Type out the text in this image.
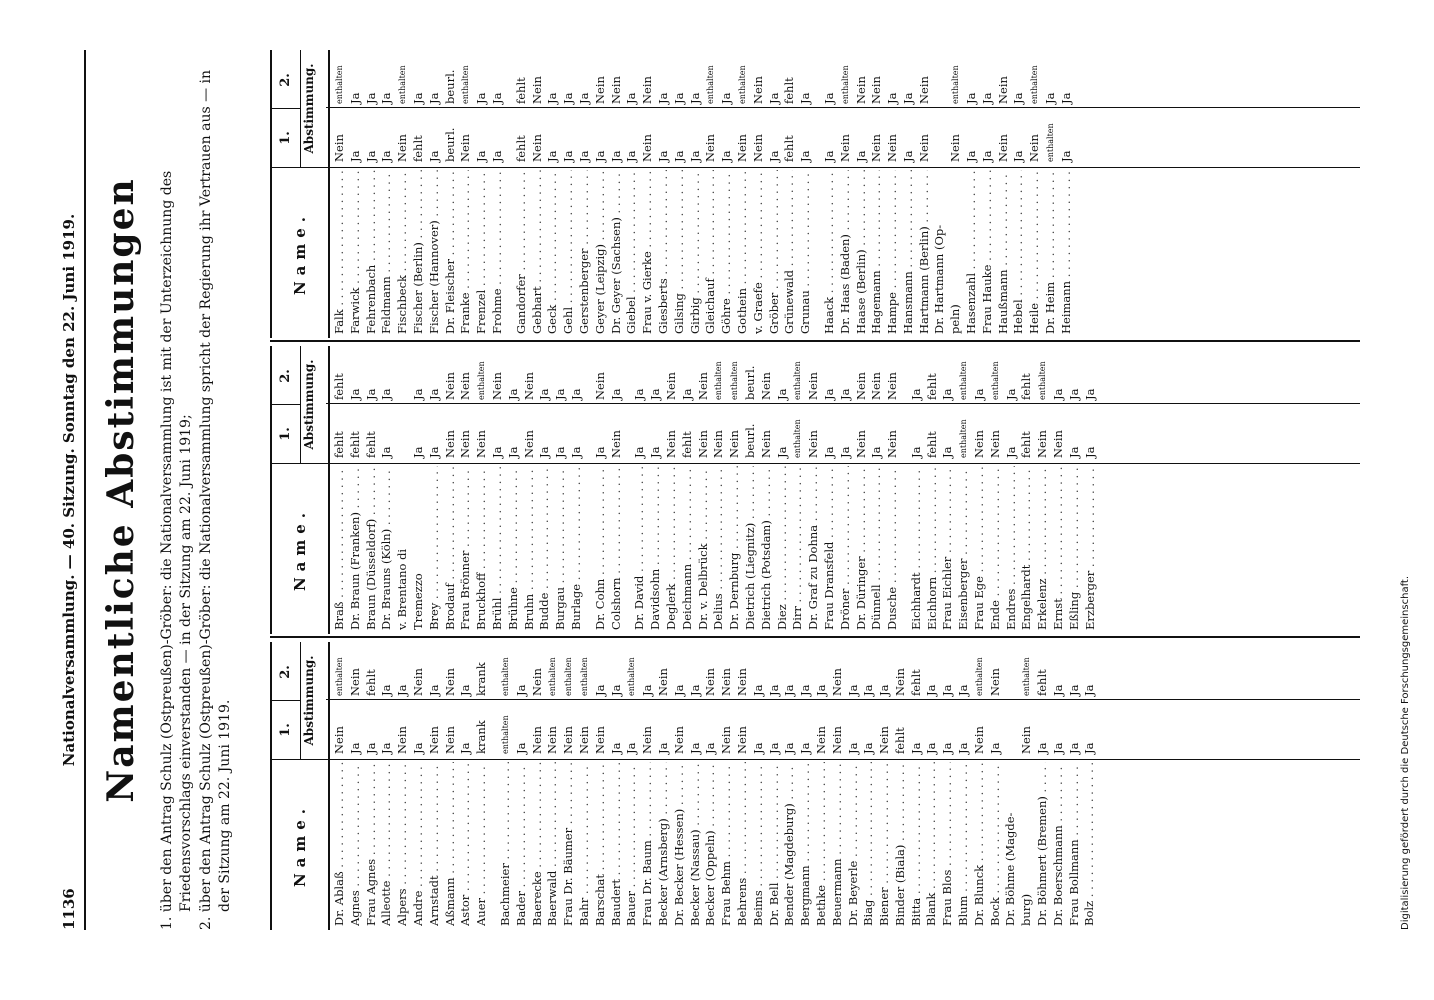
1136
Nationalversammlung. — 40. Sitzung. Sonntag den 22. Juni 1919. Namentliche Abstimmungen 1. über den Antrag Schulz (Ostpreußen)-Gröber: die Nationalversammlung ist mit der Unterzeichnung des Friedensvorschlags einverstanden — in der Sitzung am 22. Juni 1919; 2. über den Antrag Schulz (Ostpreußen)-Gröber: die Nationalversammlung spricht der Regierung ihr Vertrauen aus — in der Sitzung am 22. Juni 1919.	Name.
1.
2. Abstimmung.
Dr. Ablaß . . .
Nein
enthalten
Agnes . . .
Ja
Nein
Frau Agnes . . .
Ja
fehlt
Alleotte . . .
Ja
Ja
Alpers . . .
Nein
Ja
Andre . . .
Ja
Nein
Arnstadt . . .
Nein
Ja
Aßmann . . .
Nein
Nein
Astor . . .
Ja
Ja
Auer . . .
krank
krank
Bachmeier . . .
enthalten
enthalten
Bader . . .
Ja
Ja
Baerecke . . .
Nein
Nein
Baerwald . . .
Nein
enthalten
Frau Dr. Bäumer . . .
Nein
enthalten
Bahr . . .
Nein
enthalten
Barschat . . .
Nein
Ja
Baudert . . .
Ja
Ja
Bauer . . .
Ja
enthalten
Frau Dr. Baum . . .
Nein
Ja
Becker (Arnsberg) . . .
Ja
Nein
Dr. Becker (Hessen) . . .
Nein
Ja
Becker (Nassau) . . .
Ja
Ja
Becker (Oppeln) . . .
Ja
Nein
Frau Behm . . .
Nein
Nein
Behrens . . .
Nein
Nein
Beims . . .
Ja
Ja
Dr. Bell . . .
Ja
Ja
Bender (Magdeburg) . . .
Ja
Ja
Bergmann . . .
Ja
Ja
Bethke . . .
Nein
Ja
Beuermann . . .
Nein
Nein
Dr. Beyerle . . .
Ja
Ja
Biag . . .
Ja
Ja
Biener . . .
Nein
Ja
Binder (Biala) . . .
fehlt
Nein
Bitta . . .
Ja
fehlt
Blank . . .
Ja
Ja
Frau Blos . . .
Ja
Ja
Blum . . .
Ja
Ja
Dr. Blunck . . .
Nein
enthalten
Bock . . .
Ja
Nein
Dr. Böhme (Magde- burg)
Nein
enthalten
Dr. Böhmert (Bremen) . . .
Ja
fehlt
Dr. Boerschmann . . .
Ja
Ja
Frau Bollmann . . .
Ja
Ja
Bolz . . .
Ja
Ja
Name.
1.
2. Abstimmung.
Braß . . .
fehlt
fehlt
Dr. Braun (Franken) . . .
fehlt
Ja
Braun (Düsseldorf) . . .
fehlt
Ja
Dr. Brauns (Köln) . . .
Ja
Ja
v. Brentano di Tremezzo
Ja
Ja
Brey . . .
Ja
Ja
Brodauf . . .
Nein
Nein
Frau Brönner . . .
Nein
Nein
Bruckhoff . . .
Nein
enthalten
Brühl . . .
Ja
Nein
Brühne . . .
Ja
Ja
Bruhn . . .
Nein
Nein
Budde . . .
Ja
Ja
Burgau . . .
Ja
Ja
Burlage . . .
Ja
Ja
Dr. Cohn . . .
Ja
Nein
Colshorn . . .
Nein
Ja
Dr. David . . .
Ja
Ja
Davidsohn . . .
Ja
Ja
Deglerk . . .
Nein
Nein
Deichmann . . .
fehlt
Ja
Dr. v. Delbrück . . .
Nein
Nein
Delius . . .
Nein
enthalten
Dr. Dernburg . . .
Nein
enthalten
Dietrich (Liegnitz) . . .
beurl.
beurl.
Dietrich (Potsdam) . . .
Nein
Nein
Diez . . .
Ja
Ja
Dirr . . .
enthalten
enthalten
Dr. Graf zu Dohna . . .
Nein
Nein
Frau Dransfeld . . .
Ja
Ja
Dröner . . .
Ja
Ja
Dr. Düringer . . .
Nein
Nein
Dünnell . . .
Ja
Nein
Dusche . . .
Nein
Nein
Eichhardt . . .
Ja
Ja
Eichhorn . . .
fehlt
fehlt
Frau Eichler . . .
Ja
Ja
Eisenberger . . .
enthalten
enthalten
Frau Ege . . .
Nein
Ja
Ende . . .
Nein
enthalten
Endres . . .
Ja
Ja
Engelhardt . . .
fehlt
fehlt
Erkelenz . . .
Nein
enthalten
Ernst . . .
Nein
Ja
Eßling . . .
Ja
Ja
Erzberger . . .
Ja
Ja
Name.
1.
2. Abstimmung.
Falk . . .
Nein
enthalten
Farwick . . .
Ja
Ja
Fehrenbach . . .
Ja
Ja
Feldmann . . .
Ja
Ja
Fischbeck . . .
Nein
enthalten
Fischer (Berlin) . . .
fehlt
Ja
Fischer (Hannover) . . .
Ja
Ja
Dr. Fleischer . . .
beurl.
beurl.
Franke . . .
Nein
enthalten
Frenzel . . .
Ja
Ja
Frohme . . .
Ja
Ja
Gandorfer . . .
fehlt
fehlt
Gebhart . . .
Nein
Nein
Geck . . .
Ja
Ja
Gehl . . .
Ja
Ja
Gerstenberger . . .
Ja
Ja
Geyer (Leipzig) . . .
Ja
Nein
Dr. Geyer (Sachsen) . . .
Ja
Nein
Giebel . . .
Ja
Ja
Frau v. Gierke . . .
Nein
Nein
Giesberts . . .
Ja
Ja
Gilsing . . .
Ja
Ja
Girbig . . .
Ja
Ja
Gleichauf . . .
Nein
enthalten
Göhre . . .
Ja
Ja
Gothein . . .
Nein
enthalten
v. Graefe . . .
Nein
Nein
Gröber . . .
Ja
Ja
Grünewald . . .
fehlt
fehlt
Grunau . . .
Ja
Ja
Haack . . .
Ja
Ja
Dr. Haas (Baden) . . .
Nein
enthalten
Haase (Berlin) . . .
Ja
Nein
Hagemann . . .
Nein
Nein
Hampe . . .
Nein
Ja
Hansmann . . .
Ja
Ja
Hartmann (Berlin) . . .
Nein
Nein
Dr. Hartmann (Op- peln)
Nein
enthalten
Hasenzahl . . .
Ja
Ja
Frau Hauke . . .
Ja
Ja
Haußmann . . .
Nein
Nein
Hebel . . .
Ja
Ja
Heile . . .
Nein
enthalten
Dr. Heim . . .
enthalten
Ja
Heimann . . .
Ja
Ja
Digitalisierung gefördert durch die Deutsche Forschungsgemeinschaft.
